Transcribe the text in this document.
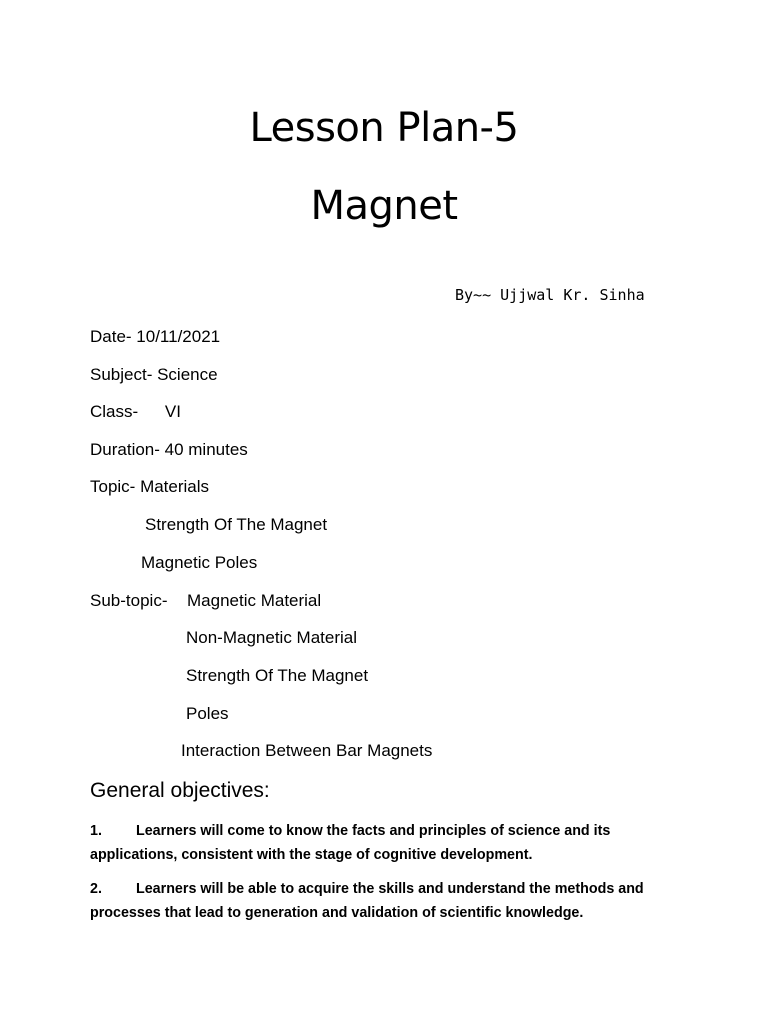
Lesson Plan-5
Magnet
By~~ Ujjwal Kr. Sinha
Date- 10/11/2021
Subject- Science
Class- VI
Duration- 40 minutes
Topic- Materials
Strength Of The Magnet
Magnetic Poles
Sub-topic- Magnetic Material
Non-Magnetic Material
Strength Of The Magnet
Poles
Interaction Between Bar Magnets
General objectives:
1. Learners will come to know the facts and principles of science and its applications, consistent with the stage of cognitive development.
2. Learners will be able to acquire the skills and understand the methods and processes that lead to generation and validation of scientific knowledge.
